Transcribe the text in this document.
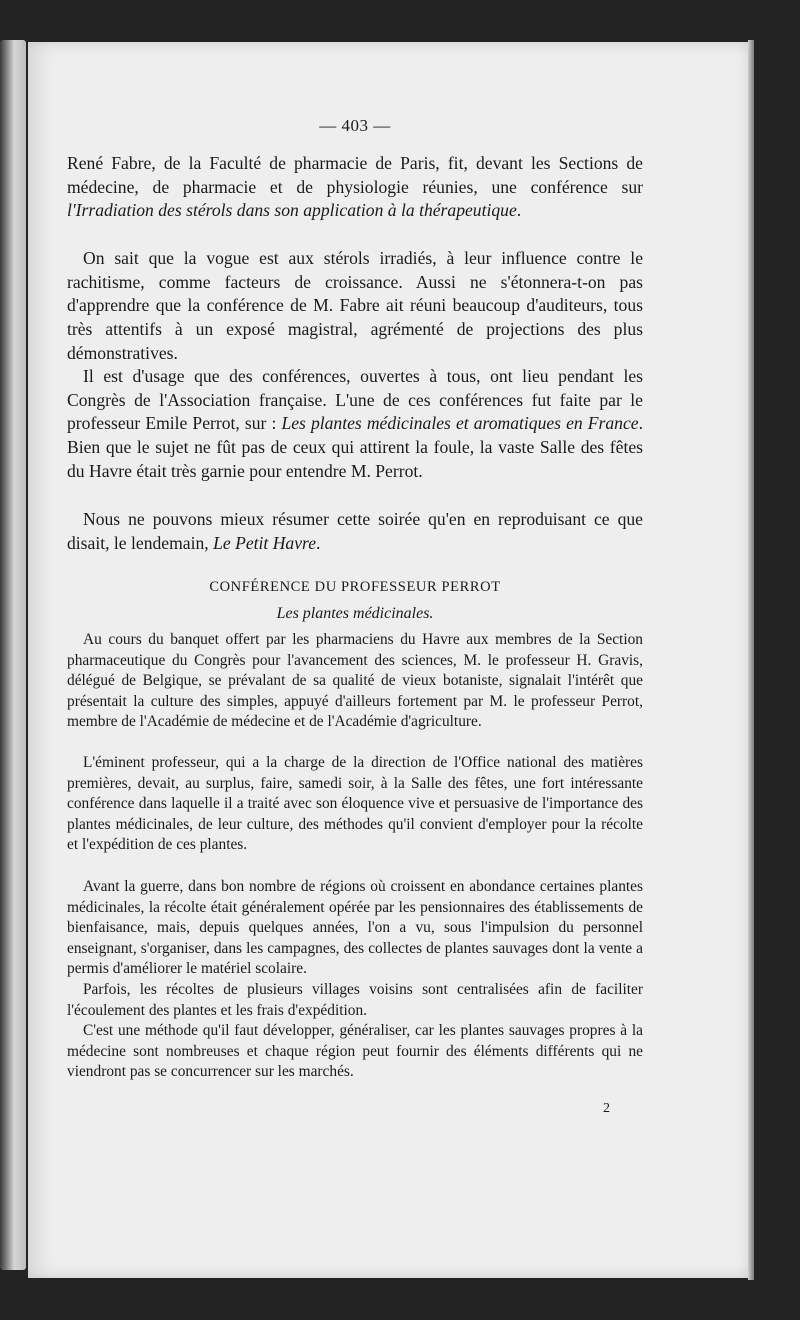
— 403 —

René Fabre, de la Faculté de pharmacie de Paris, fit, devant les Sections de médecine, de pharmacie et de physiologie réunies, une conférence sur l'Irradiation des stérols dans son application à la thérapeutique.

On sait que la vogue est aux stérols irradiés, à leur influence contre le rachitisme, comme facteurs de croissance. Aussi ne s'étonnera-t-on pas d'apprendre que la conférence de M. Fabre ait réuni beaucoup d'auditeurs, tous très attentifs à un exposé magistral, agrémenté de projections des plus démonstratives.

Il est d'usage que des conférences, ouvertes à tous, ont lieu pendant les Congrès de l'Association française. L'une de ces conférences fut faite par le professeur Emile Perrot, sur : Les plantes médicinales et aromatiques en France. Bien que le sujet ne fût pas de ceux qui attirent la foule, la vaste Salle des fêtes du Havre était très garnie pour entendre M. Perrot.

Nous ne pouvons mieux résumer cette soirée qu'en en reproduisant ce que disait, le lendemain, Le Petit Havre.

CONFÉRENCE DU PROFESSEUR PERROT

Les plantes médicinales.

Au cours du banquet offert par les pharmaciens du Havre aux membres de la Section pharmaceutique du Congrès pour l'avancement des sciences, M. le professeur H. Gravis, délégué de Belgique, se prévalant de sa qualité de vieux botaniste, signalait l'intérêt que présentait la culture des simples, appuyé d'ailleurs fortement par M. le professeur Perrot, membre de l'Académie de médecine et de l'Académie d'agriculture.

L'éminent professeur, qui a la charge de la direction de l'Office national des matières premières, devait, au surplus, faire, samedi soir, à la Salle des fêtes, une fort intéressante conférence dans laquelle il a traité avec son éloquence vive et persuasive de l'importance des plantes médicinales, de leur culture, des méthodes qu'il convient d'employer pour la récolte et l'expédition de ces plantes.

Avant la guerre, dans bon nombre de régions où croissent en abondance certaines plantes médicinales, la récolte était généralement opérée par les pensionnaires des établissements de bienfaisance, mais, depuis quelques années, l'on a vu, sous l'impulsion du personnel enseignant, s'organiser, dans les campagnes, des collectes de plantes sauvages dont la vente a permis d'améliorer le matériel scolaire.

Parfois, les récoltes de plusieurs villages voisins sont centralisées afin de faciliter l'écoulement des plantes et les frais d'expédition.

C'est une méthode qu'il faut développer, généraliser, car les plantes sauvages propres à la médecine sont nombreuses et chaque région peut fournir des éléments différents qui ne viendront pas se concurrencer sur les marchés.

2
